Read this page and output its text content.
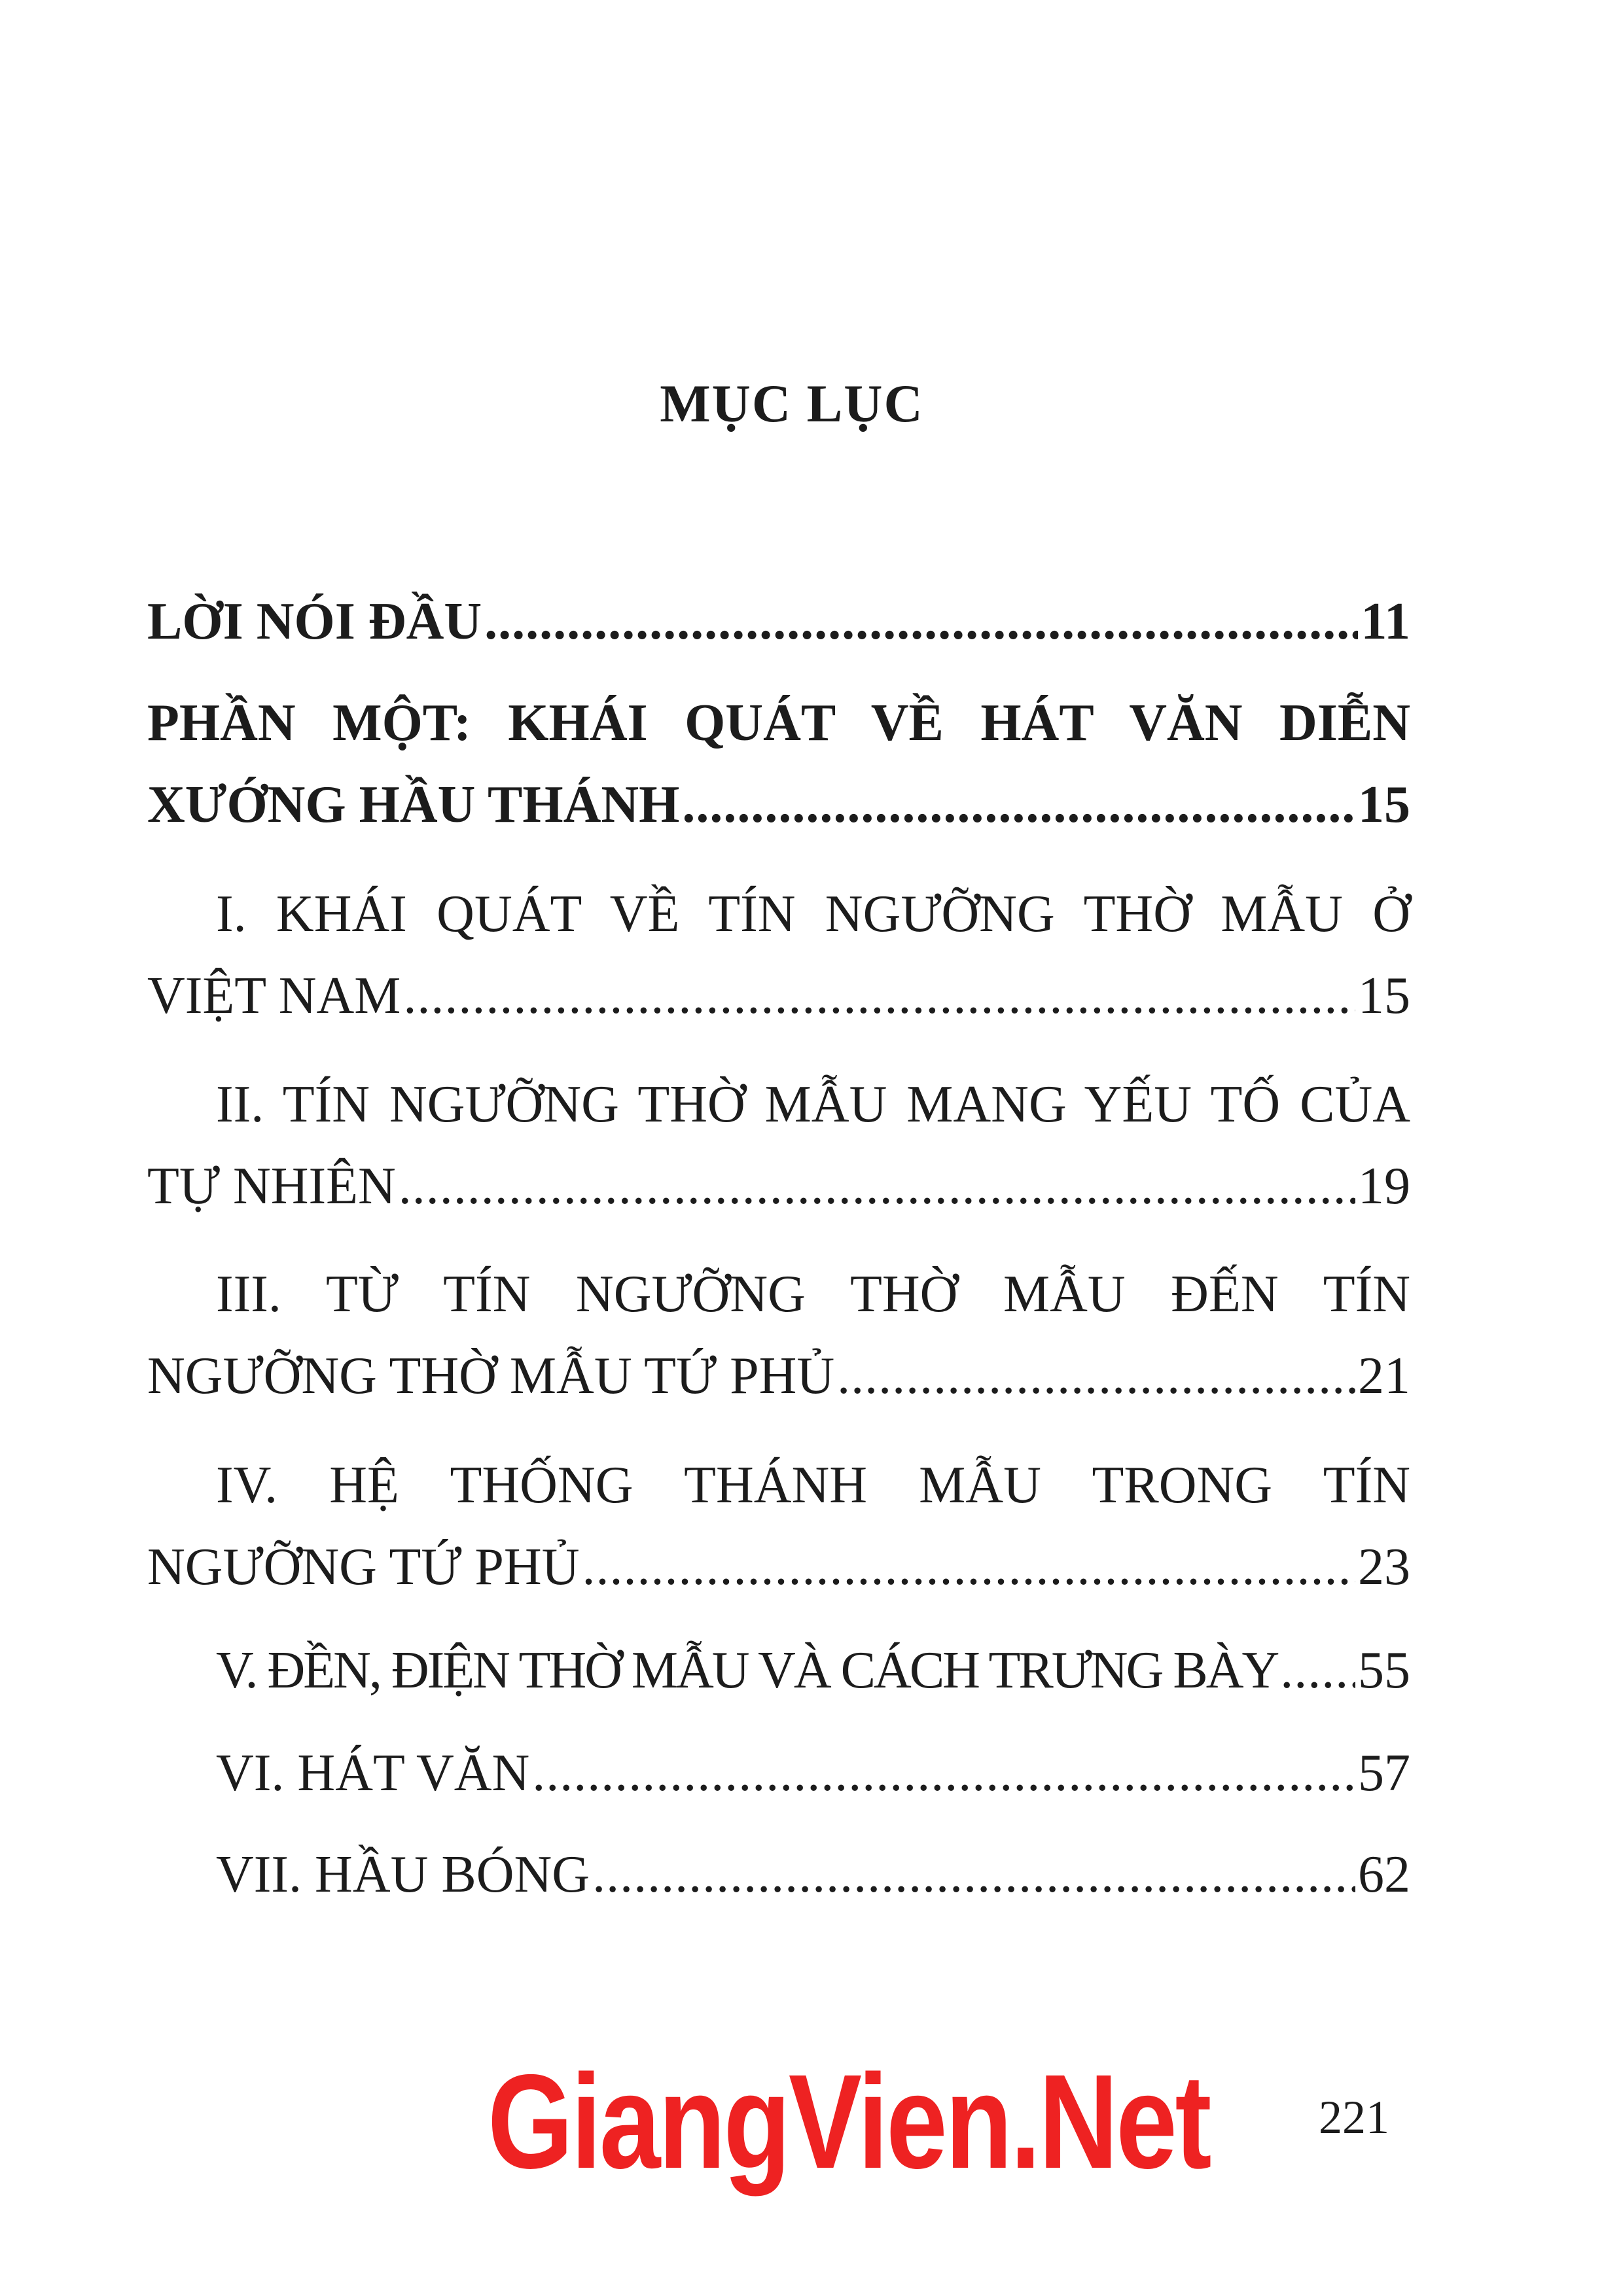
MỤC LỤC
LỜI NÓI ĐẦU .....	11
PHẦN MỘT: KHÁI QUÁT VỀ HÁT VĂN DIỄN
XƯỚNG HẦU THÁNH .....	15
I. KHÁI QUÁT VỀ TÍN NGƯỠNG THỜ MẪU Ở
VIỆT NAM .....	15
II. TÍN NGƯỠNG THỜ MẪU MANG YẾU TỐ CỦA
TỰ NHIÊN .....	19
III. TỪ TÍN NGƯỠNG THỜ MẪU ĐẾN TÍN
NGƯỠNG THỜ MẪU TỨ PHỦ .....	21
IV. HỆ THỐNG THÁNH MẪU TRONG TÍN
NGƯỠNG TỨ PHỦ .....	23
V. ĐỀN, ĐIỆN THỜ MẪU VÀ CÁCH TRƯNG BÀY ..... 55
VI. HÁT VĂN .....	57
VII. HẦU BÓNG .....	62
GiangVien.Net 221
